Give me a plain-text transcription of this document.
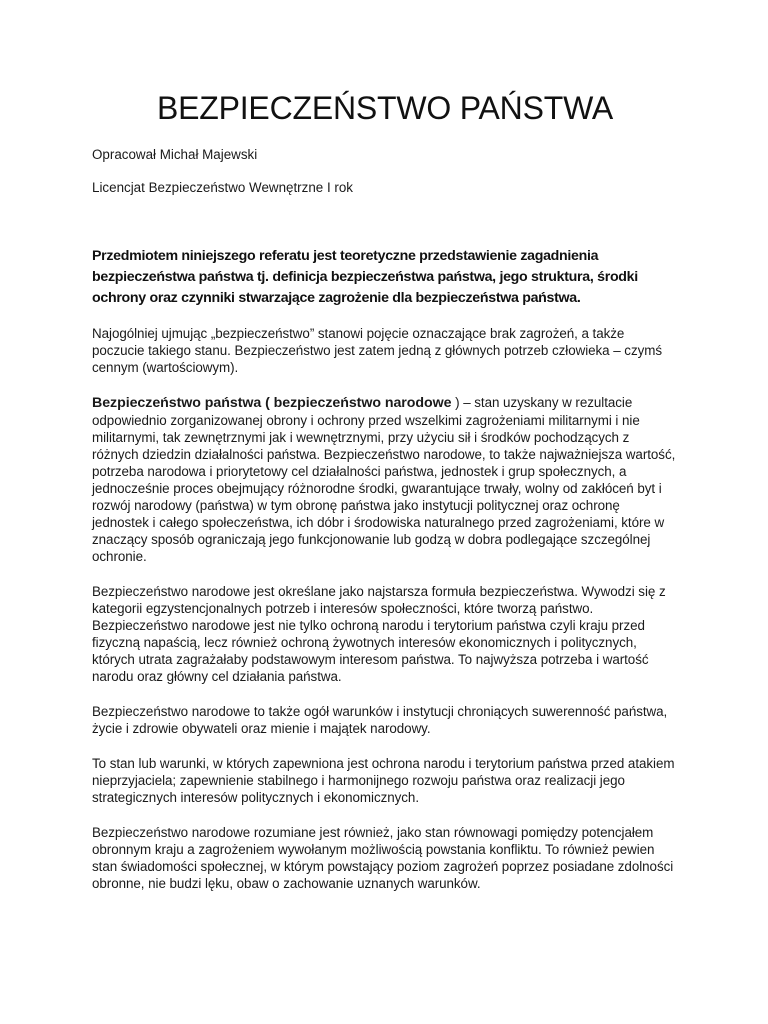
BEZPIECZEŃSTWO PAŃSTWA

Opracował Michał Majewski

Licencjat Bezpieczeństwo Wewnętrzne I rok

Przedmiotem niniejszego referatu jest teoretyczne przedstawienie zagadnienia bezpieczeństwa państwa tj. definicja bezpieczeństwa państwa, jego struktura, środki ochrony oraz czynniki stwarzające zagrożenie dla bezpieczeństwa państwa.

Najogólniej ujmując „bezpieczeństwo” stanowi pojęcie oznaczające brak zagrożeń, a także poczucie takiego stanu. Bezpieczeństwo jest zatem jedną z głównych potrzeb człowieka – czymś cennym (wartościowym).

Bezpieczeństwo państwa ( bezpieczeństwo narodowe ) – stan uzyskany w rezultacie odpowiednio zorganizowanej obrony i ochrony przed wszelkimi zagrożeniami militarnymi i nie militarnymi, tak zewnętrznymi jak i wewnętrznymi, przy użyciu sił i środków pochodzących z różnych dziedzin działalności państwa. Bezpieczeństwo narodowe, to także najważniejsza wartość, potrzeba narodowa i priorytetowy cel działalności państwa, jednostek i grup społecznych, a jednocześnie proces obejmujący różnorodne środki, gwarantujące trwały, wolny od zakłóceń byt i rozwój narodowy (państwa) w tym obronę państwa jako instytucji politycznej oraz ochronę jednostek i całego społeczeństwa, ich dóbr i środowiska naturalnego przed zagrożeniami, które w znaczący sposób ograniczają jego funkcjonowanie lub godzą w dobra podlegające szczególnej ochronie.

Bezpieczeństwo narodowe jest określane jako najstarsza formuła bezpieczeństwa. Wywodzi się z kategorii egzystencjonalnych potrzeb i interesów społeczności, które tworzą państwo. Bezpieczeństwo narodowe jest nie tylko ochroną narodu i terytorium państwa czyli kraju przed fizyczną napaścią, lecz również ochroną żywotnych interesów ekonomicznych i politycznych, których utrata zagrażałaby podstawowym interesom państwa. To najwyższa potrzeba i wartość narodu oraz główny cel działania państwa.

Bezpieczeństwo narodowe to także ogół warunków i instytucji chroniących suwerenność państwa, życie i zdrowie obywateli oraz mienie i majątek narodowy.

To stan lub warunki, w których zapewniona jest ochrona narodu i terytorium państwa przed atakiem nieprzyjaciela; zapewnienie stabilnego i harmonijnego rozwoju państwa oraz realizacji jego strategicznych interesów politycznych i ekonomicznych.

Bezpieczeństwo narodowe rozumiane jest również, jako stan równowagi pomiędzy potencjałem obronnym kraju a zagrożeniem wywołanym możliwością powstania konfliktu. To również pewien stan świadomości społecznej, w którym powstający poziom zagrożeń poprzez posiadane zdolności obronne, nie budzi lęku, obaw o zachowanie uznanych warunków.
